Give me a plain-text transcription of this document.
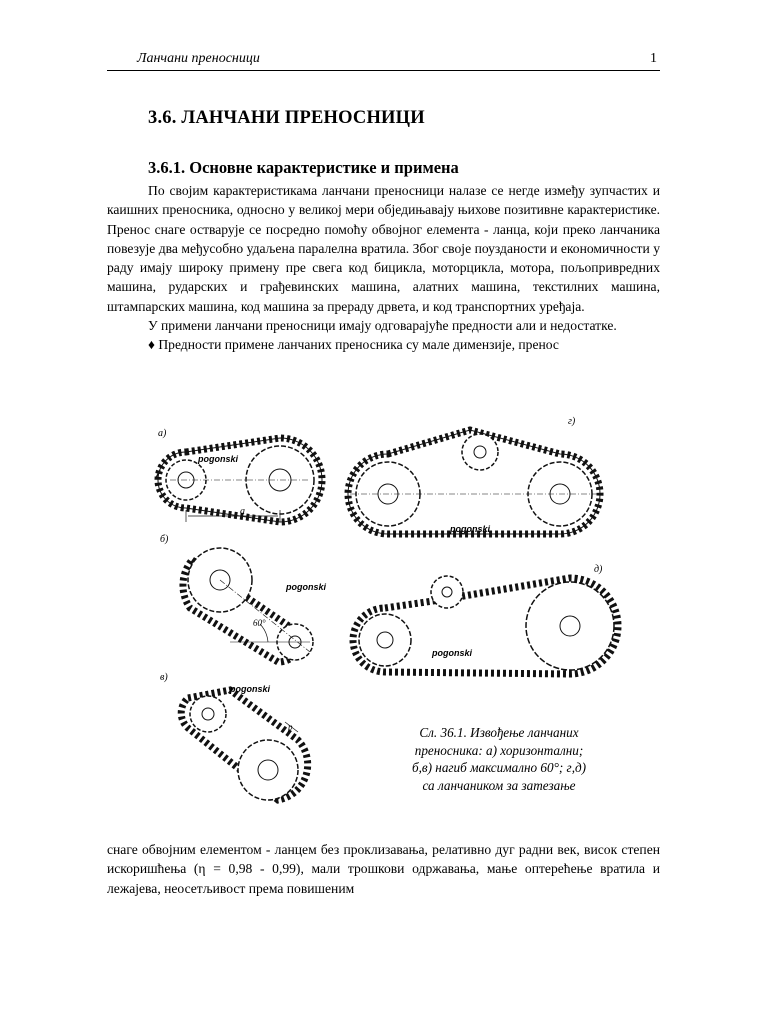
Ланчани преносници	1
3.6. ЛАНЧАНИ ПРЕНОСНИЦИ
3.6.1. Основне карактеристике и примена

По својим карактеристикама ланчани преносници налазе се негде између зупчастих и каишних преносника, односно у великој мери обједињавају њихове позитивне карактеристике. Пренос снаге остварује се посредно помоћу обвојног елемента - ланца, који преко ланчаника повезује два међусобно удаљена паралелна вратила. Због своје поузданости и економичности у раду имају широку примену пре свега код бицикла, моторцикла, мотора, пољопривредних машина, рударских и грађевинских машина, алатних машина, текстилних машина, штампарских машина, код машина за прераду дрвета, и код транспортних уређаја.

У примени ланчани преносници имају одговарајуће предности али и недостатке.

♦ Предности примене ланчаних преносника су мале димензије, пренос

а)
pogonski
a
г)
pogonski
б)
pogonski
60°
д)
pogonski
в)
pogonski
p	Сл. 36.1. Извођење ланчаних
преносника: а) хоризонтални;
б,в) нагиб максимално 60°; г,д)
са ланчаником за затезање

снаге обвојним елементом - ланцем без проклизавања, релативно дуг радни век, висок степен искоришћења (η = 0,98 - 0,99), мали трошкови одржавања, мање оптерећење вратила и лежајева, неосетљивост према повишеним
